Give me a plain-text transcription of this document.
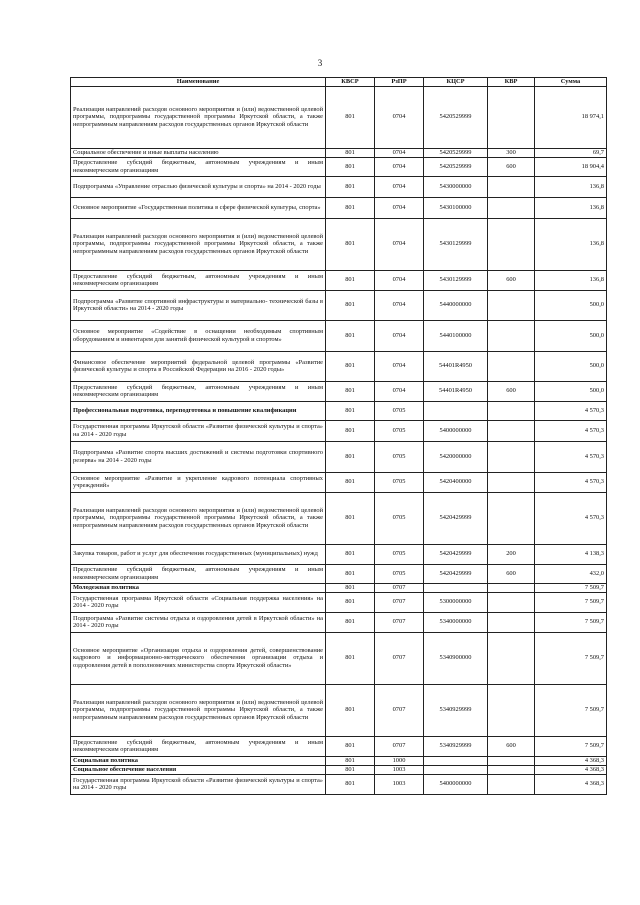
3
Наименование	КВСР	РзПР	КЦСР	КВР	Сумма
Реализация направлений расходов основного мероприятия и (или) ведомственной целевой программы, подпрограммы государственной программы Иркутской области, а также непрограммным направлениям расходов государственных органов Иркутской области	801	0704	5420529999		18 974,1
Социальное обеспечение и иные выплаты населению	801	0704	5420529999	300	69,7
Предоставление субсидий бюджетным, автономным учреждениям и иным некоммерческим организациям	801	0704	5420529999	600	18 904,4
Подпрограмма «Управление отраслью физической культуры и спорта» на 2014 - 2020 годы	801	0704	5430000000		136,8
Основное мероприятие «Государственная политика в сфере физической культуры, спорта»	801	0704	5430100000		136,8
Реализация направлений расходов основного мероприятия и (или) ведомственной целевой программы, подпрограммы государственной программы Иркутской области, а также непрограммным направлениям расходов государственных органов Иркутской области	801	0704	5430129999		136,8
Предоставление субсидий бюджетным, автономным учреждениям и иным некоммерческим организациям	801	0704	5430129999	600	136,8
Подпрограмма «Развитие спортивной инфраструктуры и материально- технической базы в Иркутской области» на 2014 - 2020 годы	801	0704	5440000000		500,0
Основное мероприятие «Содействие в оснащении необходимым спортивным оборудованием и инвентарем для занятий физической культурой и спортом»	801	0704	5440100000		500,0
Финансовое обеспечение мероприятий федеральной целевой программы «Развитие физической культуры и спорта в Российской Федерации на 2016 - 2020 годы»	801	0704	54401R4950		500,0
Предоставление субсидий бюджетным, автономным учреждениям и иным некоммерческим организациям	801	0704	54401R4950	600	500,0
Профессиональная подготовка, переподготовка и повышение квалификации	801	0705			4 570,3
Государственная программа Иркутской области «Развитие физической культуры и спорта» на 2014 - 2020 годы	801	0705	5400000000		4 570,3
Подпрограмма «Развитие спорта высших достижений и системы подготовки спортивного резерва» на 2014 - 2020 годы	801	0705	5420000000		4 570,3
Основное мероприятие «Развитие и укрепление кадрового потенциала спортивных учреждений»	801	0705	5420400000		4 570,3
Реализация направлений расходов основного мероприятия и (или) ведомственной целевой программы, подпрограммы государственной программы Иркутской области, а также непрограммным направлениям расходов государственных органов Иркутской области	801	0705	5420429999		4 570,3
Закупка товаров, работ и услуг для обеспечения государственных (муниципальных) нужд	801	0705	5420429999	200	4 138,3
Предоставление субсидий бюджетным, автономным учреждениям и иным некоммерческим организациям	801	0705	5420429999	600	432,0
Молодежная политика	801	0707			7 509,7
Государственная программа Иркутской области «Социальная поддержка населения» на 2014 - 2020 годы	801	0707	5300000000		7 509,7
Подпрограмма «Развитие системы отдыха и оздоровления детей в Иркутской области» на 2014 - 2020 годы	801	0707	5340000000		7 509,7
Основное мероприятие «Организация отдыха и оздоровления детей, совершенствование кадрового и информационно-методического обеспечения организации отдыха и оздоровления детей в пополномочиях министерства спорта Иркутской области»	801	0707	5340900000		7 509,7
Реализация направлений расходов основного мероприятия и (или) ведомственной целевой программы, подпрограммы государственной программы Иркутской области, а также непрограммным направлениям расходов государственных органов Иркутской области	801	0707	5340929999		7 509,7
Предоставление субсидий бюджетным, автономным учреждениям и иным некоммерческим организациям	801	0707	5340929999	600	7 509,7
Социальная политика	801	1000			4 368,3
Социальное обеспечение населения	801	1003			4 368,3
Государственная программа Иркутской области «Развитие физической культуры и спорта» на 2014 - 2020 годы	801	1003	5400000000		4 368,3
